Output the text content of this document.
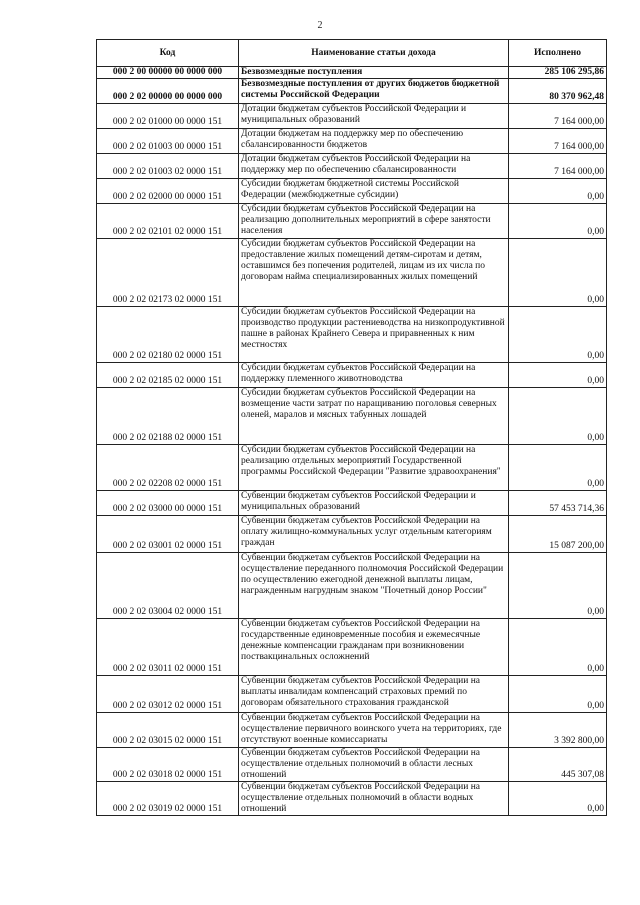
2
Код	Наименование статьи дохода	Исполнено
000 2 00 00000 00 0000 000	Безвозмездные поступления	285 106 295,86
000 2 02 00000 00 0000 000	Безвозмездные поступления от других бюджетов бюджетной системы Российской Федерации	80 370 962,48
000 2 02 01000 00 0000 151	Дотации бюджетам субъектов Российской Федерации и муниципальных образований	7 164 000,00
000 2 02 01003 00 0000 151	Дотации бюджетам на поддержку мер по обеспечению сбалансированности бюджетов	7 164 000,00
000 2 02 01003 02 0000 151	Дотации бюджетам субъектов Российской Федерации на поддержку мер по обеспечению сбалансированности	7 164 000,00
000 2 02 02000 00 0000 151	Субсидии бюджетам бюджетной системы Российской Федерации (межбюджетные субсидии)	0,00
000 2 02 02101 02 0000 151	Субсидии бюджетам субъектов Российской Федерации на реализацию дополнительных мероприятий в сфере занятости населения	0,00
000 2 02 02173 02 0000 151	Субсидии бюджетам субъектов Российской Федерации на предоставление жилых помещений детям-сиротам и детям, оставшимся без попечения родителей, лицам из их числа по договорам найма специализированных жилых помещений	0,00
000 2 02 02180 02 0000 151	Субсидии бюджетам субъектов Российской Федерации на производство продукции растениеводства на низкопродуктивной пашне в районах Крайнего Севера и приравненных к ним местностях	0,00
000 2 02 02185 02 0000 151	Субсидии бюджетам субъектов Российской Федерации на поддержку племенного животноводства	0,00
000 2 02 02188 02 0000 151	Субсидии бюджетам субъектов Российской Федерации на возмещение части затрат по наращиванию поголовья северных оленей, маралов и мясных табунных лошадей	0,00
000 2 02 02208 02 0000 151	Субсидии бюджетам субъектов Российской Федерации на реализацию отдельных мероприятий Государственной программы Российской Федерации "Развитие здравоохранения"	0,00
000 2 02 03000 00 0000 151	Субвенции бюджетам субъектов Российской Федерации и муниципальных образований	57 453 714,36
000 2 02 03001 02 0000 151	Субвенции бюджетам субъектов Российской Федерации на оплату жилищно-коммунальных услуг отдельным категориям граждан	15 087 200,00
000 2 02 03004 02 0000 151	Субвенции бюджетам субъектов Российской Федерации на осуществление переданного полномочия Российской Федерации по осуществлению ежегодной денежной выплаты лицам, награжденным нагрудным знаком "Почетный донор России"	0,00
000 2 02 03011 02 0000 151	Субвенции бюджетам субъектов Российской Федерации на государственные единовременные пособия и ежемесячные денежные компенсации гражданам при возникновении поствакцинальных осложнений	0,00
000 2 02 03012 02 0000 151	Субвенции бюджетам субъектов Российской Федерации на выплаты инвалидам компенсаций страховых премий по договорам обязательного страхования гражданской	0,00
000 2 02 03015 02 0000 151	Субвенции бюджетам субъектов Российской Федерации на осуществление первичного воинского учета на территориях, где отсутствуют военные комиссариаты	3 392 800,00
000 2 02 03018 02 0000 151	Субвенции бюджетам субъектов Российской Федерации на осуществление отдельных полномочий в области лесных отношений	445 307,08
000 2 02 03019 02 0000 151	Субвенции бюджетам субъектов Российской Федерации на осуществление отдельных полномочий в области водных отношений	0,00
